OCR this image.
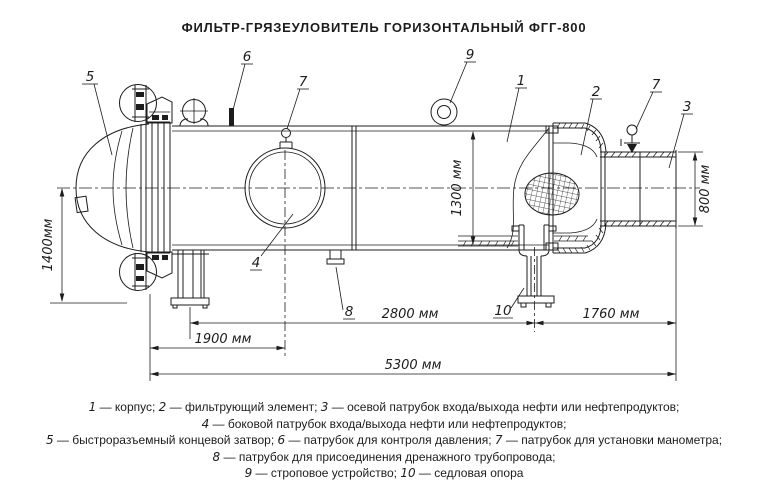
ФИЛЬТР-ГРЯЗЕУЛОВИТЕЛЬ ГОРИЗОНТАЛЬНЫЙ ФГГ-800
1400мм
1300 мм	800 мм
2800 мм	1760 мм
1900 мм
5300 мм
5
6
7
9
1
2	7
3
4
8	10
1 — корпус; 2 — фильтрующий элемент; 3 — осевой патрубок входа/выхода нефти или нефтепродуктов;
4 — боковой патрубок входа/выхода нефти или нефтепродуктов;
5 — быстроразъемный концевой затвор; 6 — патрубок для контроля давления; 7 — патрубок для установки манометра;
8 — патрубок для присоединения дренажного трубопровода;
9 — строповое устройство; 10 — седловая опора
